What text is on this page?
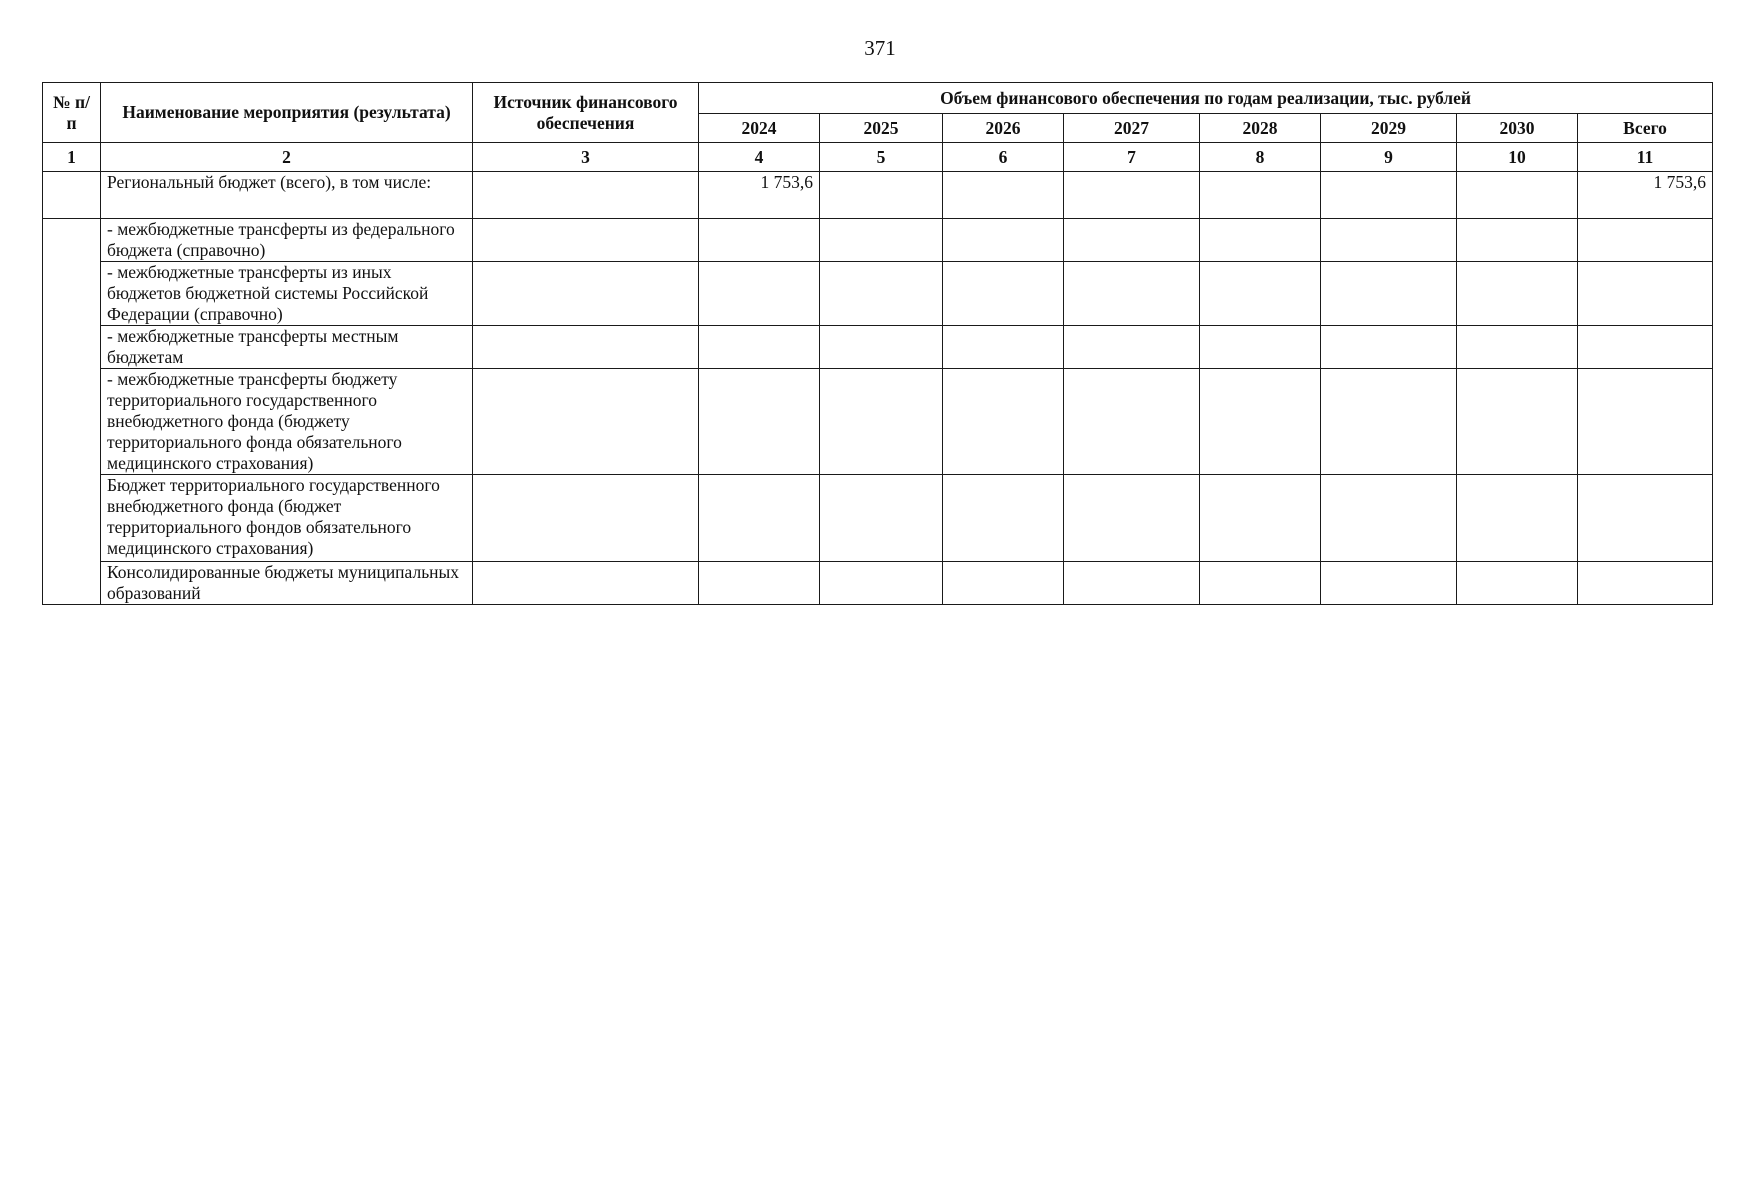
371
№ п/п	Наименование мероприятия (результата)	Источник финансового обеспечения	Объем финансового обеспечения по годам реализации, тыс. рублей							
			2024	2025	2026	2027	2028	2029	2030	Всего
1	2	3	4	5	6	7	8	9	10	11
	Региональный бюджет (всего), в том числе:		1 753,6							1 753,6
	- межбюджетные трансферты из федерального бюджета (справочно)									
	- межбюджетные трансферты из иных бюджетов бюджетной системы Российской Федерации (справочно)									
	- межбюджетные трансферты местным бюджетам									
	- межбюджетные трансферты бюджету территориального государственного внебюджетного фонда (бюджету территориального фонда обязательного медицинского страхования)									
	Бюджет территориального государственного внебюджетного фонда (бюджет территориального фондов обязательного медицинского страхования)									
	Консолидированные бюджеты муниципальных образований									
